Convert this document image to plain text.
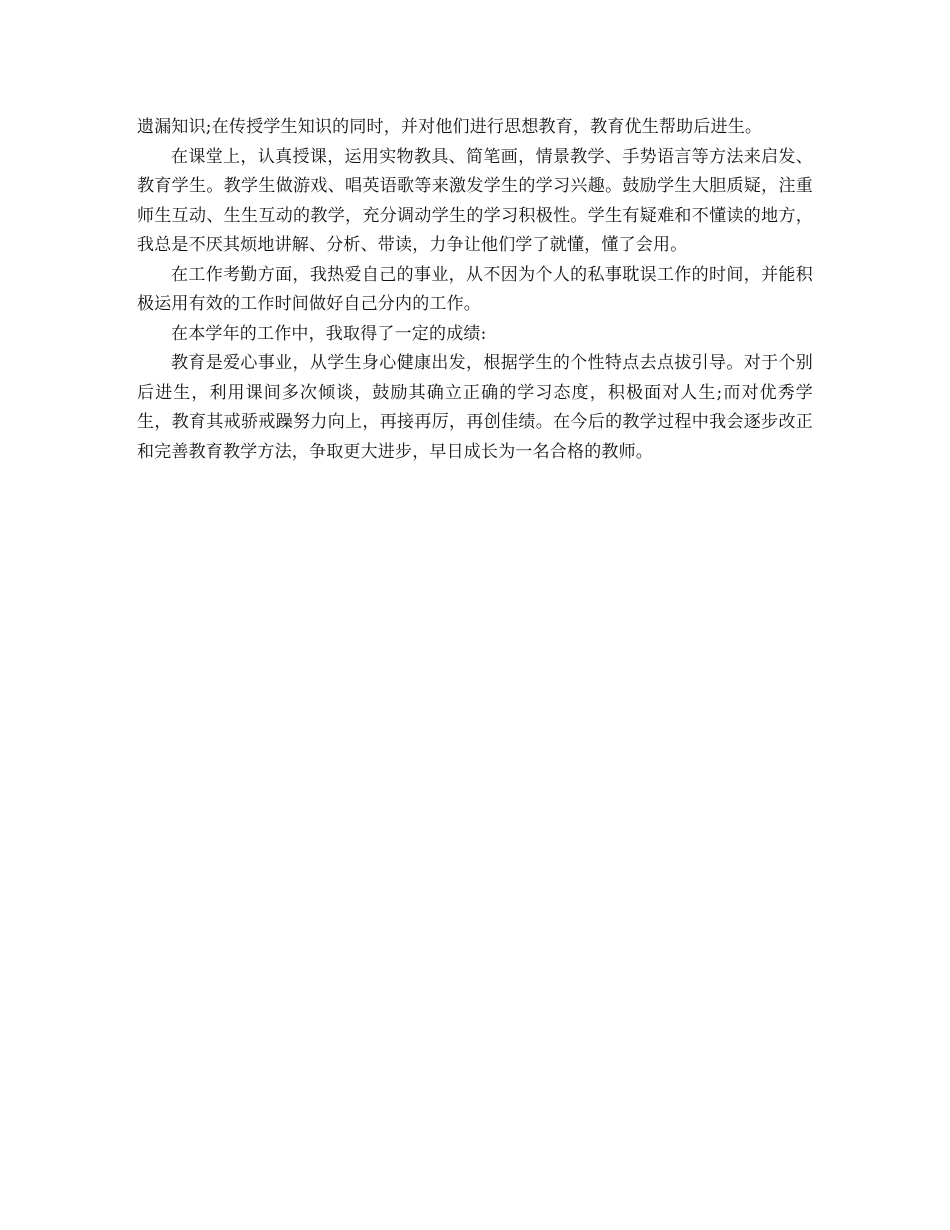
遗漏知识;在传授学生知识的同时，并对他们进行思想教育，教育优生帮助后进生。

在课堂上，认真授课，运用实物教具、简笔画，情景教学、手势语言等方法来启发、教育学生。教学生做游戏、唱英语歌等来激发学生的学习兴趣。鼓励学生大胆质疑，注重师生互动、生生互动的教学，充分调动学生的学习积极性。学生有疑难和不懂读的地方，我总是不厌其烦地讲解、分析、带读，力争让他们学了就懂，懂了会用。

在工作考勤方面，我热爱自己的事业，从不因为个人的私事耽误工作的时间，并能积极运用有效的工作时间做好自己分内的工作。

在本学年的工作中，我取得了一定的成绩:

教育是爱心事业，从学生身心健康出发，根据学生的个性特点去点拔引导。对于个别后进生，利用课间多次倾谈，鼓励其确立正确的学习态度，积极面对人生;而对优秀学生，教育其戒骄戒躁努力向上，再接再厉，再创佳绩。在今后的教学过程中我会逐步改正和完善教育教学方法，争取更大进步，早日成长为一名合格的教师。
